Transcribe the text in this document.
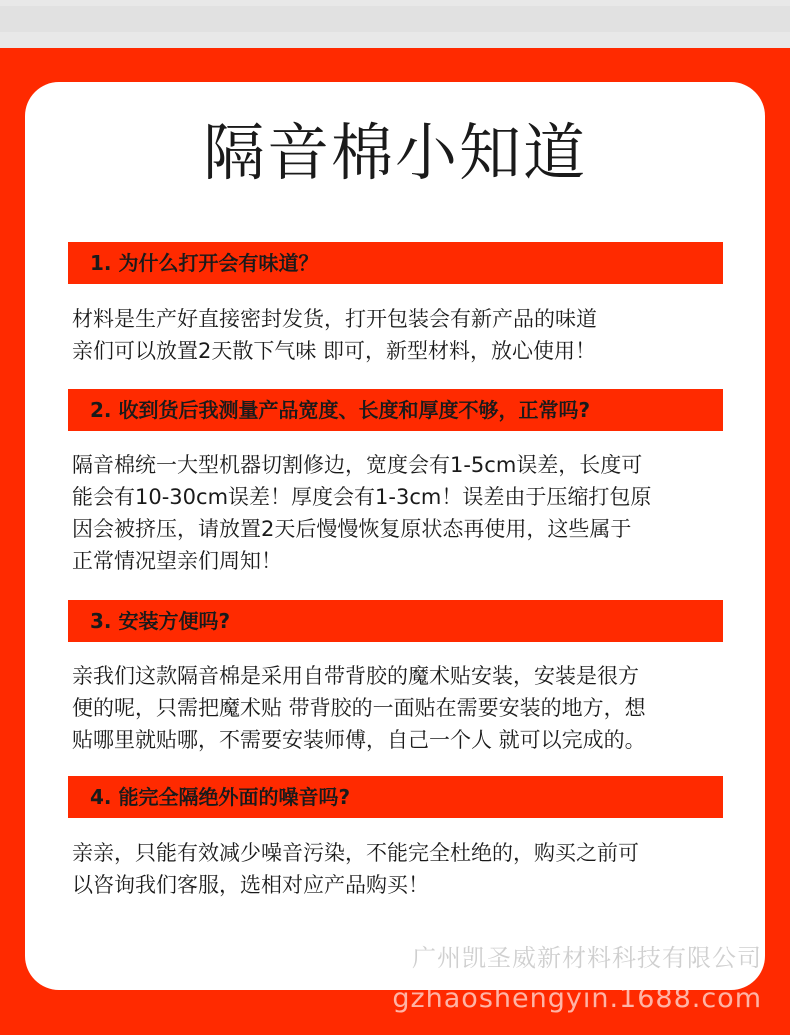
隔音棉小知道
1. 为什么打开会有味道？

材料是生产好直接密封发货，打开包装会有新产品的味道

亲们可以放置2天散下气味 即可，新型材料，放心使用！

2. 收到货后我测量产品宽度、长度和厚度不够，正常吗?

隔音棉统一大型机器切割修边，宽度会有1-5cm误差，长度可

能会有10-30cm误差！厚度会有1-3cm！误差由于压缩打包原

因会被挤压，请放置2天后慢慢恢复原状态再使用，这些属于

正常情况望亲们周知！

3. 安装方便吗?

亲我们这款隔音棉是采用自带背胶的魔术贴安装，安装是很方

便的呢，只需把魔术贴 带背胶的一面贴在需要安装的地方，想

贴哪里就贴哪，不需要安装师傅，自己一个人 就可以完成的。

4. 能完全隔绝外面的噪音吗?

亲亲，只能有效减少噪音污染，不能完全杜绝的，购买之前可

以咨询我们客服，选相对应产品购买！

广州凯圣威新材料科技有限公司
gzhaoshengyin.1688.com
